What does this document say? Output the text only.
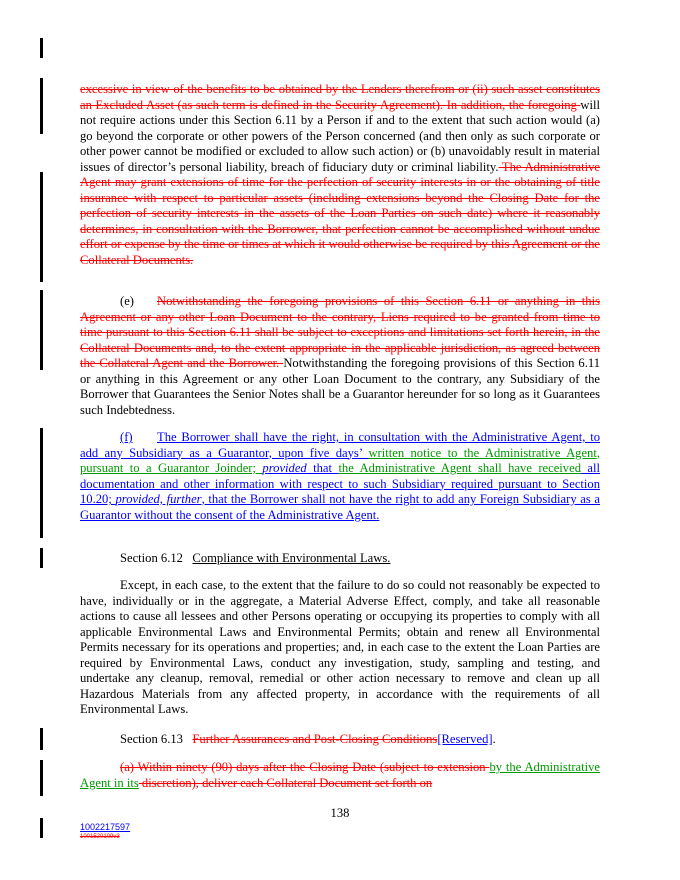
excessive in view of the benefits to be obtained by the Lenders therefrom or (ii) such asset constitutes an Excluded Asset (as such term is defined in the Security Agreement). In addition, the foregoing will not require actions under this Section 6.11 by a Person if and to the extent that such action would (a) go beyond the corporate or other powers of the Person concerned (and then only as such corporate or other power cannot be modified or excluded to allow such action) or (b) unavoidably result in material issues of director’s personal liability, breach of fiduciary duty or criminal liability. The Administrative Agent may grant extensions of time for the perfection of security interests in or the obtaining of title insurance with respect to particular assets (including extensions beyond the Closing Date for the perfection of security interests in the assets of the Loan Parties on such date) where it reasonably determines, in consultation with the Borrower, that perfection cannot be accomplished without undue effort or expense by the time or times at which it would otherwise be required by this Agreement or the Collateral Documents.
(e) Notwithstanding the foregoing provisions of this Section 6.11 or anything in this Agreement or any other Loan Document to the contrary, Liens required to be granted from time to time pursuant to this Section 6.11 shall be subject to exceptions and limitations set forth herein, in the Collateral Documents and, to the extent appropriate in the applicable jurisdiction, as agreed between the Collateral Agent and the Borrower. Notwithstanding the foregoing provisions of this Section 6.11 or anything in this Agreement or any other Loan Document to the contrary, any Subsidiary of the Borrower that Guarantees the Senior Notes shall be a Guarantor hereunder for so long as it Guarantees such Indebtedness.
(f) The Borrower shall have the right, in consultation with the Administrative Agent, to add any Subsidiary as a Guarantor, upon five days’ written notice to the Administrative Agent, pursuant to a Guarantor Joinder; provided that the Administrative Agent shall have received all documentation and other information with respect to such Subsidiary required pursuant to Section 10.20; provided, further, that the Borrower shall not have the right to add any Foreign Subsidiary as a Guarantor without the consent of the Administrative Agent.
Section 6.12 Compliance with Environmental Laws.
Except, in each case, to the extent that the failure to do so could not reasonably be expected to have, individually or in the aggregate, a Material Adverse Effect, comply, and take all reasonable actions to cause all lessees and other Persons operating or occupying its properties to comply with all applicable Environmental Laws and Environmental Permits; obtain and renew all Environmental Permits necessary for its operations and properties; and, in each case to the extent the Loan Parties are required by Environmental Laws, conduct any investigation, study, sampling and testing, and undertake any cleanup, removal, remedial or other action necessary to remove and clean up all Hazardous Materials from any affected property, in accordance with the requirements of all Environmental Laws.
Section 6.13 Further Assurances and Post-Closing Conditions[Reserved].
(a) Within ninety (90) days after the Closing Date (subject to extension by the Administrative Agent in its discretion), deliver each Collateral Document set forth on
138
1002217597
1001520109v3
